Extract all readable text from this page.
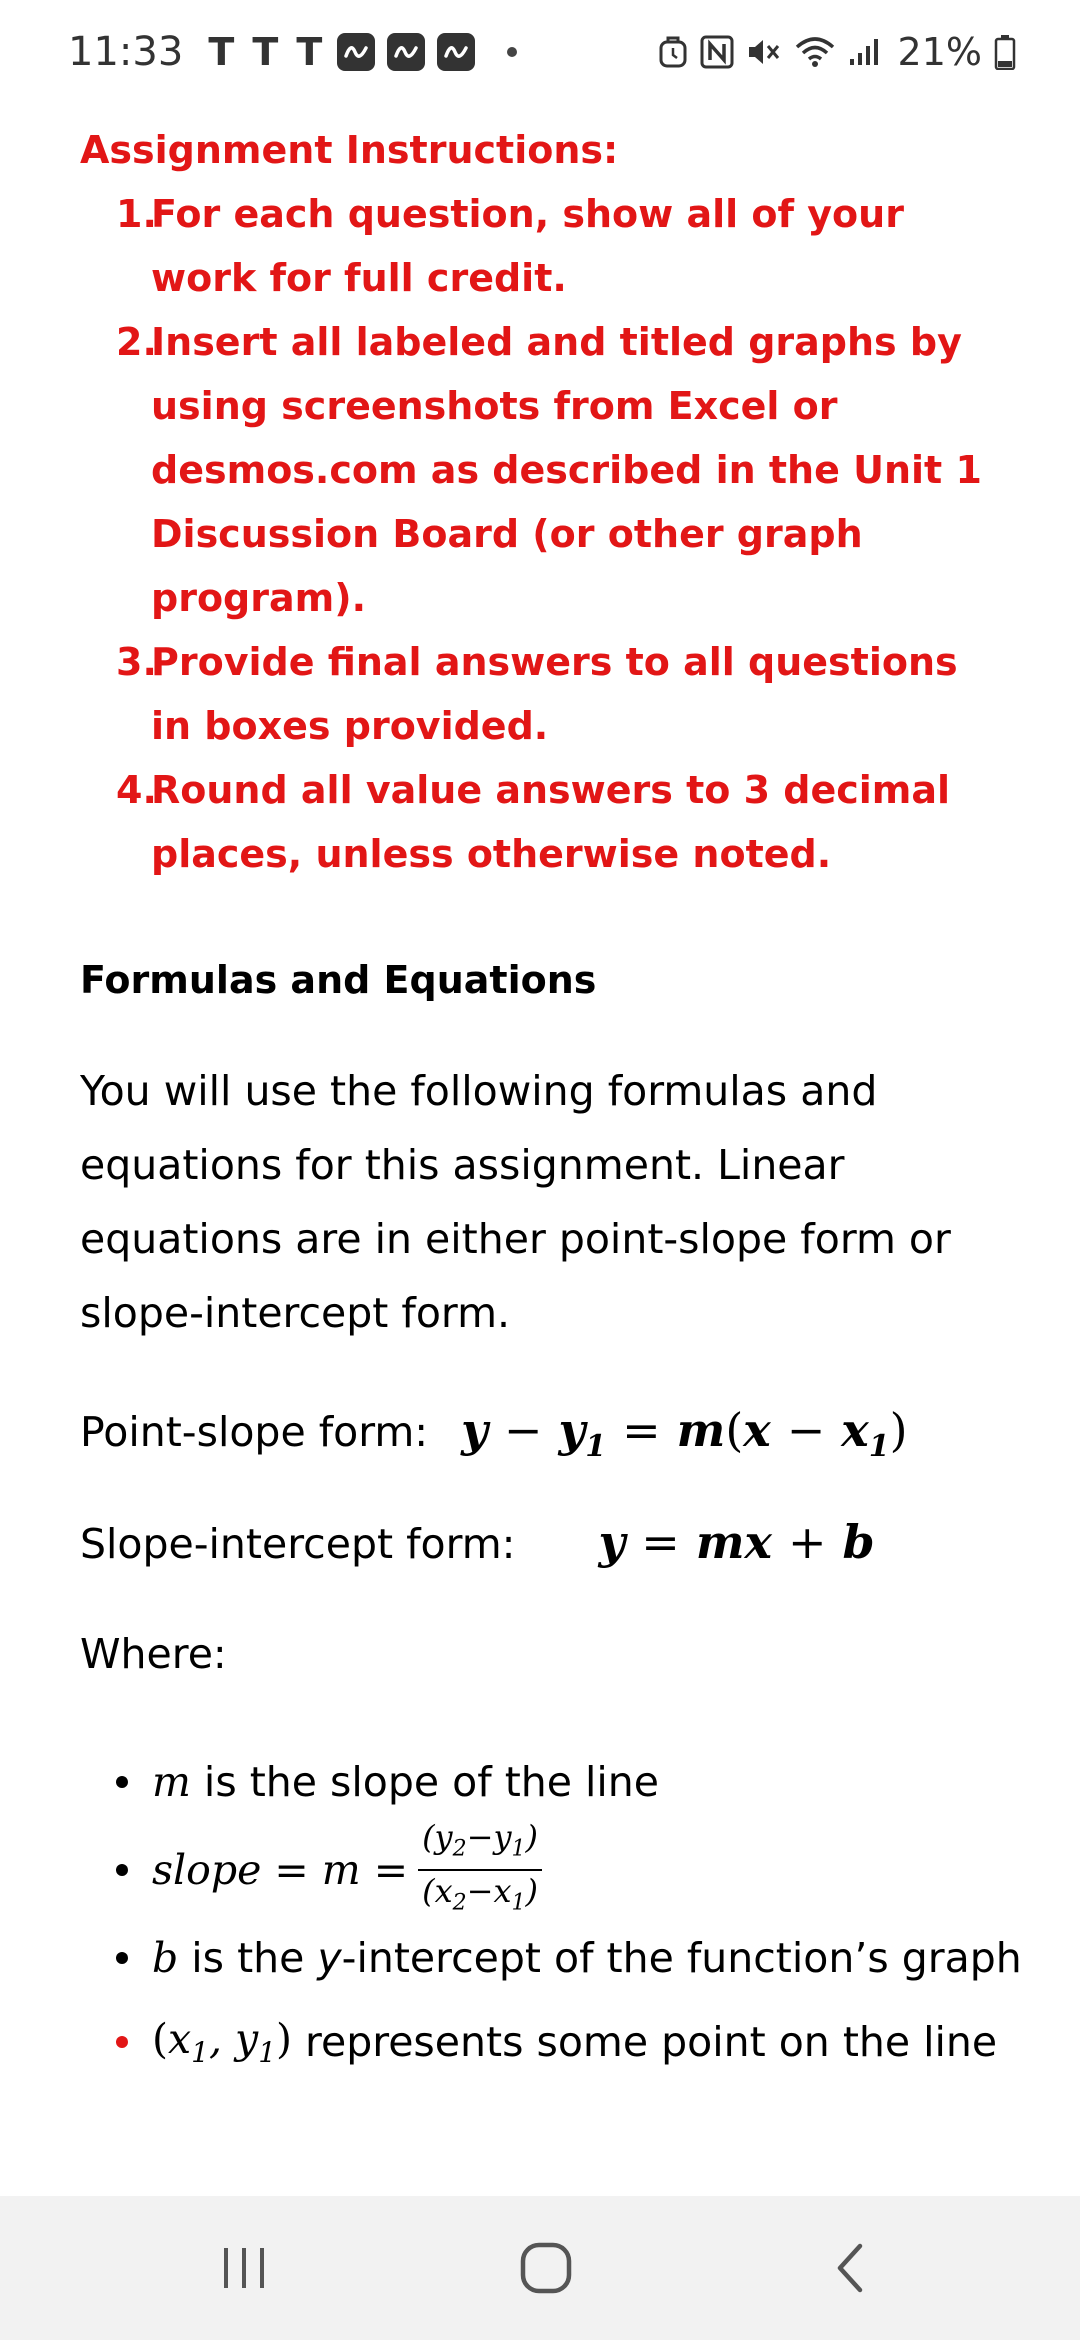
11:33 T T T	21%

Assignment Instructions:

1.
For each question, show all of your work for full credit.
2.
Insert all labeled and titled graphs by using screenshots from Excel or desmos.com as described in the Unit 1 Discussion Board (or other graph program).
3.
Provide final answers to all questions in boxes provided.
4.
Round all value answers to 3 decimal places, unless otherwise noted.

Formulas and Equations

You will use the following formulas and equations for this assignment. Linear equations are in either point-slope form or slope-intercept form.

Point-slope form: $y - y_1 = m(x - x_1)$
Slope-intercept form: y = mx + b

Where:

m is the slope of the line
slope = $m = \frac{(y_2-y_1)}{(x_2-x_1)}$
b is the y -intercept of the function’s graph
($x_1$, $y_1$) represents some point on the line
